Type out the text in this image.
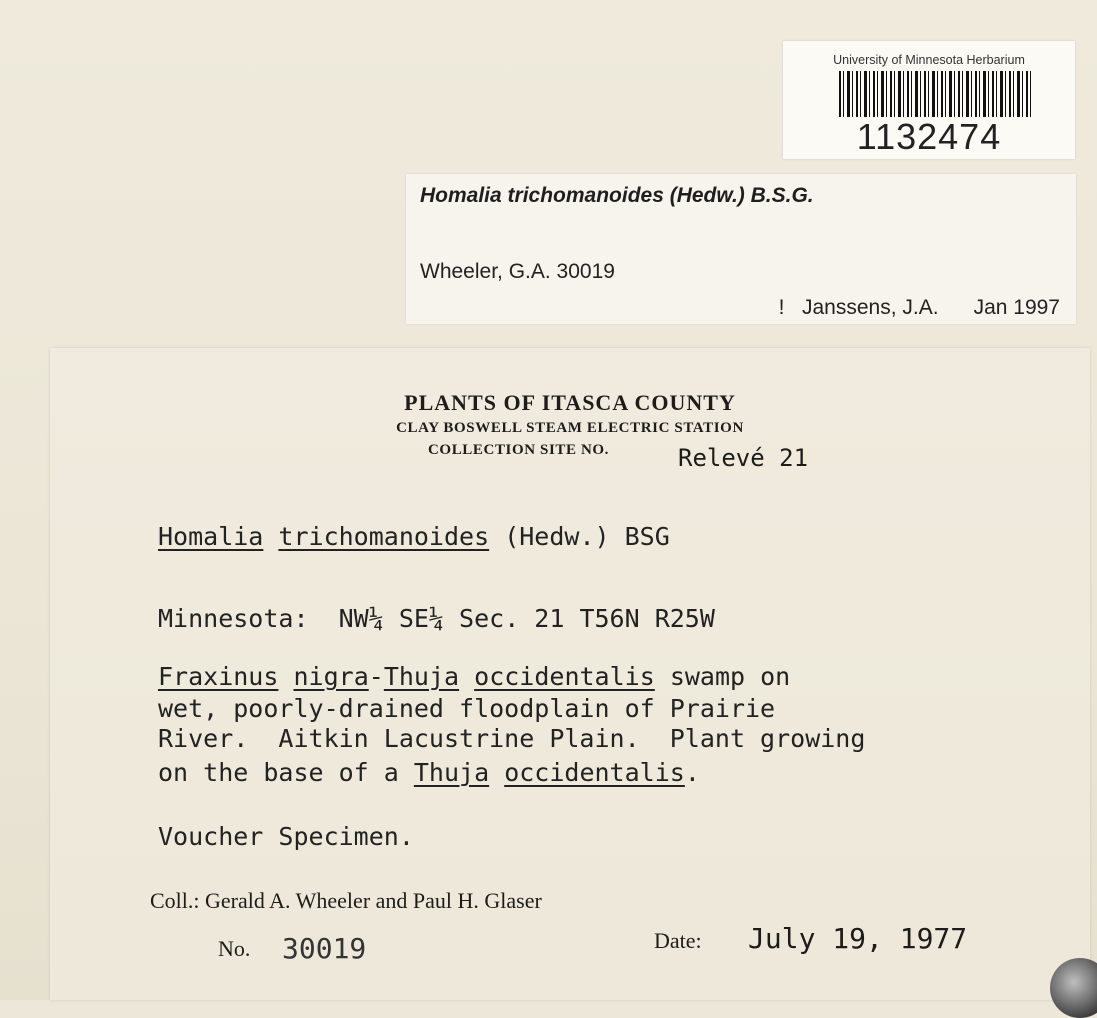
University of Minnesota Herbarium
1132474
Homalia trichomanoides (Hedw.) B.S.G.
Wheeler, G.A. 30019
!
Janssens, J.A.
Jan 1997
PLANTS OF ITASCA COUNTY
CLAY BOSWELL STEAM ELECTRIC STATION
COLLECTION SITE NO.	Relevé 21
Homalia trichomanoides (Hedw.) BSG
Minnesota: NW¼ SE¼ Sec. 21 T56N R25W
Fraxinus nigra-Thuja occidentalis swamp on
wet, poorly-drained floodplain of Prairie
River.  Aitkin Lacustrine Plain.  Plant growing
on the base of a Thuja occidentalis.
Voucher Specimen.
Coll.: Gerald A. Wheeler and Paul H. Glaser
No. 30019	Date: July 19, 1977
